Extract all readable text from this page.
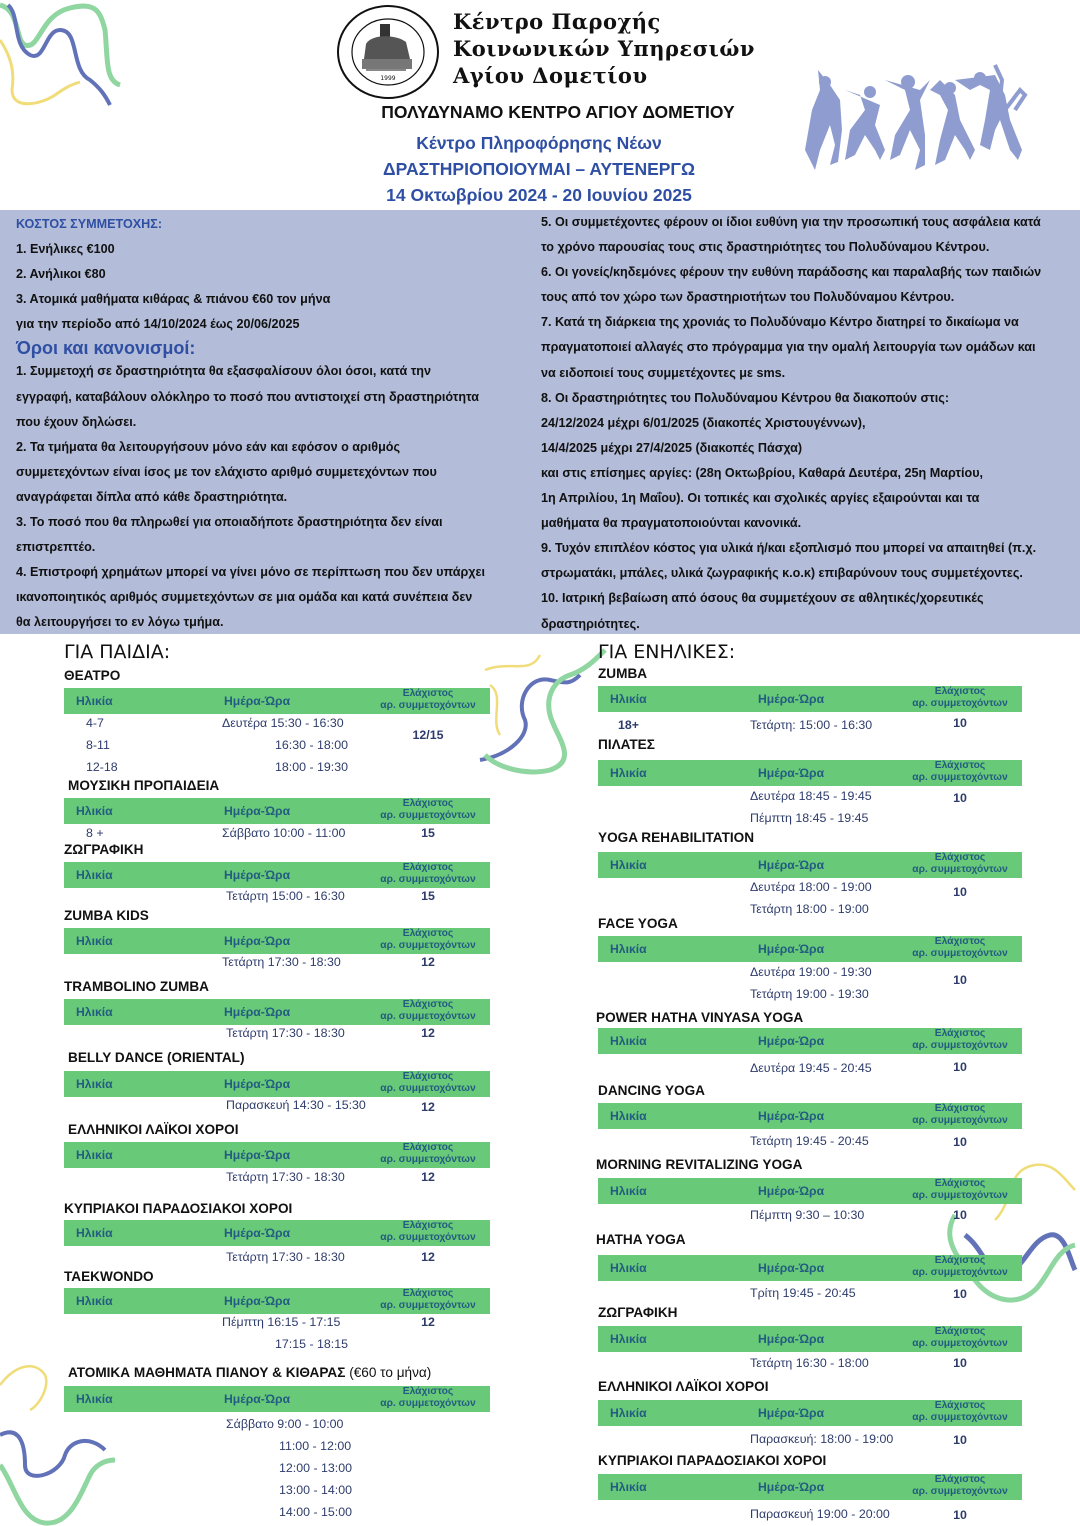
1999
Κέντρο Παροχής
Κοινωνικών Υπηρεσιών
Αγίου Δομετίου
ΠΟΛΥΔΥΝΑΜΟ ΚΕΝΤΡΟ ΑΓΙΟΥ ΔΟΜΕΤΙΟΥ
Κέντρο Πληροφόρησης Νέων
ΔΡΑΣΤΗΡΙΟΠΟΙΟΥΜΑΙ – ΑΥΤΕΝΕΡΓΩ
14 Οκτωβρίου 2024 - 20 Ιουνίου 2025

ΚΟΣΤΟΣ ΣΥΜΜΕΤΟΧΗΣ:

1. Ενήλικες €100

2. Ανήλικοι €80

3. Ατομικά μαθήματα κιθάρας & πιάνου €60 τον μήνα

για την περίοδο από 14/10/2024 έως 20/06/2025

Όροι και κανονισμοί:

1. Συμμετοχή σε δραστηριότητα θα εξασφαλίσουν όλοι όσοι, κατά την

εγγραφή, καταβάλουν ολόκληρο το ποσό που αντιστοιχεί στη δραστηριότητα

που έχουν δηλώσει.

2. Τα τμήματα θα λειτουργήσουν μόνο εάν και εφόσον ο αριθμός

συμμετεχόντων είναι ίσος με τον ελάχιστο αριθμό συμμετεχόντων που

αναγράφεται δίπλα από κάθε δραστηριότητα.

3. Το ποσό που θα πληρωθεί για οποιαδήποτε δραστηριότητα δεν είναι

επιστρεπτέο.

4. Επιστροφή χρημάτων μπορεί να γίνει μόνο σε περίπτωση που δεν υπάρχει

ικανοποιητικός αριθμός συμμετεχόντων σε μια ομάδα και κατά συνέπεια δεν

θα λειτουργήσει το εν λόγω τμήμα.

5. Οι συμμετέχοντες φέρουν οι ίδιοι ευθύνη για την προσωπική τους ασφάλεια κατά

το χρόνο παρουσίας τους στις δραστηριότητες του Πολυδύναμου Κέντρου.

6. Οι γονείς/κηδεμόνες φέρουν την ευθύνη παράδοσης και παραλαβής των παιδιών

τους από τον χώρο των δραστηριοτήτων του Πολυδύναμου Κέντρου.

7. Κατά τη διάρκεια της χρονιάς το Πολυδύναμο Κέντρο διατηρεί το δικαίωμα να

πραγματοποιεί αλλαγές στο πρόγραμμα για την ομαλή λειτουργία των ομάδων και

να ειδοποιεί τους συμμετέχοντες με sms.

8. Οι δραστηριότητες του Πολυδύναμου Κέντρου θα διακοπούν στις:

24/12/2024 μέχρι 6/01/2025 (διακοπές Χριστουγέννων),

14/4/2025 μέχρι 27/4/2025 (διακοπές Πάσχα)

και στις επίσημες αργίες: (28η Οκτωβρίου, Καθαρά Δευτέρα, 25η Μαρτίου,

1η Απριλίου, 1η Μαΐου). Οι τοπικές και σχολικές αργίες εξαιρούνται και τα

μαθήματα θα πραγματοποιούνται κανονικά.

9. Τυχόν επιπλέον κόστος για υλικά ή/και εξοπλισμό που μπορεί να απαιτηθεί (π.χ.

στρωματάκι, μπάλες, υλικά ζωγραφικής κ.ο.κ) επιβαρύνουν τους συμμετέχοντες.

10. Ιατρική βεβαίωση από όσους θα συμμετέχουν σε αθλητικές/χορευτικές

δραστηριότητες.

ΓΙΑ ΠΑΙΔΙΑ:	ΓΙΑ ΕΝΗΛΙΚΕΣ:
ΘΕΑΤΡΟ
Ηλικία	Ημέρα-Ώρα
Ελάχιστος
αρ. συμμετοχόντων
4-7	Δευτέρα 15:30 - 16:30
8-11	16:30 - 18:00
12-18	18:00 - 19:30
12/15
ΜΟΥΣΙΚΗ ΠΡΟΠΑΙΔΕΙΑ
Ηλικία	Ημέρα-Ώρα
Ελάχιστος
αρ. συμμετοχόντων
8 +	Σάββατο 10:00 - 11:00	15
ΖΩΓΡΑΦΙΚΗ
Ηλικία	Ημέρα-Ώρα
Ελάχιστος
αρ. συμμετοχόντων
Τετάρτη 15:00 - 16:30	15
ZUMBA KIDS
Ηλικία	Ημέρα-Ώρα
Ελάχιστος
αρ. συμμετοχόντων
Τετάρτη 17:30 - 18:30	12
TRAMBOLINO ZUMBA
Ηλικία	Ημέρα-Ώρα
Ελάχιστος
αρ. συμμετοχόντων
Τετάρτη 17:30 - 18:30	12
BELLY DANCE (ORIENTAL)
Ηλικία	Ημέρα-Ώρα
Ελάχιστος
αρ. συμμετοχόντων
Παρασκευή 14:30 - 15:30	12
ΕΛΛΗΝΙΚΟΙ ΛΑΪΚΟΙ ΧΟΡΟΙ
Ηλικία	Ημέρα-Ώρα
Ελάχιστος
αρ. συμμετοχόντων
Τετάρτη 17:30 - 18:30	12
ΚΥΠΡΙΑΚΟΙ ΠΑΡΑΔΟΣΙΑΚΟΙ ΧΟΡΟΙ
Ηλικία	Ημέρα-Ώρα
Ελάχιστος
αρ. συμμετοχόντων
Τετάρτη 17:30 - 18:30	12
TAEKWONDO
Ηλικία	Ημέρα-Ώρα
Ελάχιστος
αρ. συμμετοχόντων
Πέμπτη 16:15 - 17:15
17:15 - 18:15
12
ΑΤΟΜΙΚΑ ΜΑΘΗΜΑΤΑ ΠΙΑΝΟΥ & ΚΙΘΑΡΑΣ (€60 το μήνα)
Ηλικία	Ημέρα-Ώρα
Ελάχιστος
αρ. συμμετοχόντων
Σάββατο 9:00 - 10:00
11:00 - 12:00
12:00 - 13:00
13:00 - 14:00
14:00 - 15:00
ZUMBA
Ηλικία	Ημέρα-Ώρα
Ελάχιστος
αρ. συμμετοχόντων
18+	Τετάρτη: 15:00 - 16:30	10
ΠΙΛΑΤΕΣ
Ηλικία	Ημέρα-Ώρα
Ελάχιστος
αρ. συμμετοχόντων
Δευτέρα 18:45 - 19:45
Πέμπτη 18:45 - 19:45
10
YOGA REHABILITATION
Ηλικία	Ημέρα-Ώρα
Ελάχιστος
αρ. συμμετοχόντων
Δευτέρα 18:00 - 19:00
Τετάρτη 18:00 - 19:00
10
FACE YOGA
Ηλικία	Ημέρα-Ώρα
Ελάχιστος
αρ. συμμετοχόντων
Δευτέρα 19:00 - 19:30
Τετάρτη 19:00 - 19:30
10
POWER HATHA VINYASA YOGA
Ηλικία	Ημέρα-Ώρα
Ελάχιστος
αρ. συμμετοχόντων
Δευτέρα 19:45 - 20:45	10
DANCING YOGA
Ηλικία	Ημέρα-Ώρα
Ελάχιστος
αρ. συμμετοχόντων
Τετάρτη 19:45 - 20:45	10
MORNING REVITALIZING YOGA
Ηλικία	Ημέρα-Ώρα
Ελάχιστος
αρ. συμμετοχόντων
Πέμπτη 9:30 – 10:30	10
HATHA YOGA
Ηλικία	Ημέρα-Ώρα
Ελάχιστος
αρ. συμμετοχόντων
Τρίτη 19:45 - 20:45	10
ΖΩΓΡΑΦΙΚΗ
Ηλικία	Ημέρα-Ώρα
Ελάχιστος
αρ. συμμετοχόντων
Τετάρτη 16:30 - 18:00	10
ΕΛΛΗΝΙΚΟΙ ΛΑΪΚΟΙ ΧΟΡΟΙ
Ηλικία	Ημέρα-Ώρα
Ελάχιστος
αρ. συμμετοχόντων
Παρασκευή: 18:00 - 19:00	10
ΚΥΠΡΙΑΚΟΙ ΠΑΡΑΔΟΣΙΑΚΟΙ ΧΟΡΟΙ
Ηλικία	Ημέρα-Ώρα
Ελάχιστος
αρ. συμμετοχόντων
Παρασκευή 19:00 - 20:00	10
